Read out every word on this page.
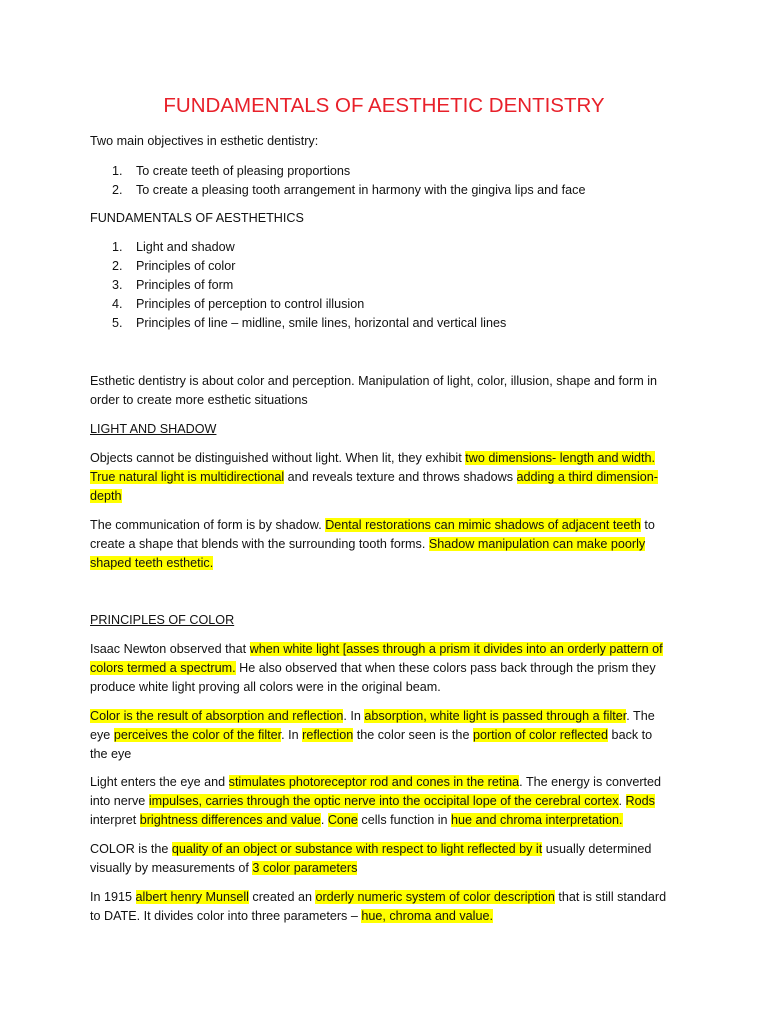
FUNDAMENTALS OF AESTHETIC DENTISTRY

Two main objectives in esthetic dentistry:

1. To create teeth of pleasing proportions
2. To create a pleasing tooth arrangement in harmony with the gingiva lips and face

FUNDAMENTALS OF AESTHETHICS

1. Light and shadow
2. Principles of color
3. Principles of form
4. Principles of perception to control illusion
5. Principles of line – midline, smile lines, horizontal and vertical lines
Esthetic dentistry is about color and perception. Manipulation of light, color, illusion, shape and form in
order to create more esthetic situations

LIGHT AND SHADOW

Objects cannot be distinguished without light. When lit, they exhibit two dimensions- length and width.
True natural light is multidirectional and reveals texture and throws shadows adding a third dimension-
depth
The communication of form is by shadow. Dental restorations can mimic shadows of adjacent teeth to
create a shape that blends with the surrounding tooth forms. Shadow manipulation can make poorly
shaped teeth esthetic.

PRINCIPLES OF COLOR

Isaac Newton observed that when white light [asses through a prism it divides into an orderly pattern of
colors termed a spectrum. He also observed that when these colors pass back through the prism they
produce white light proving all colors were in the original beam.
Color is the result of absorption and reflection. In absorption, white light is passed through a filter. The
eye perceives the color of the filter. In reflection the color seen is the portion of color reflected back to
the eye
Light enters the eye and stimulates photoreceptor rod and cones in the retina. The energy is converted
into nerve impulses, carries through the optic nerve into the occipital lope of the cerebral cortex. Rods
interpret brightness differences and value. Cone cells function in hue and chroma interpretation.
COLOR is the quality of an object or substance with respect to light reflected by it usually determined
visually by measurements of 3 color parameters
In 1915 albert henry Munsell created an orderly numeric system of color description that is still standard
to DATE. It divides color into three parameters – hue, chroma and value.
